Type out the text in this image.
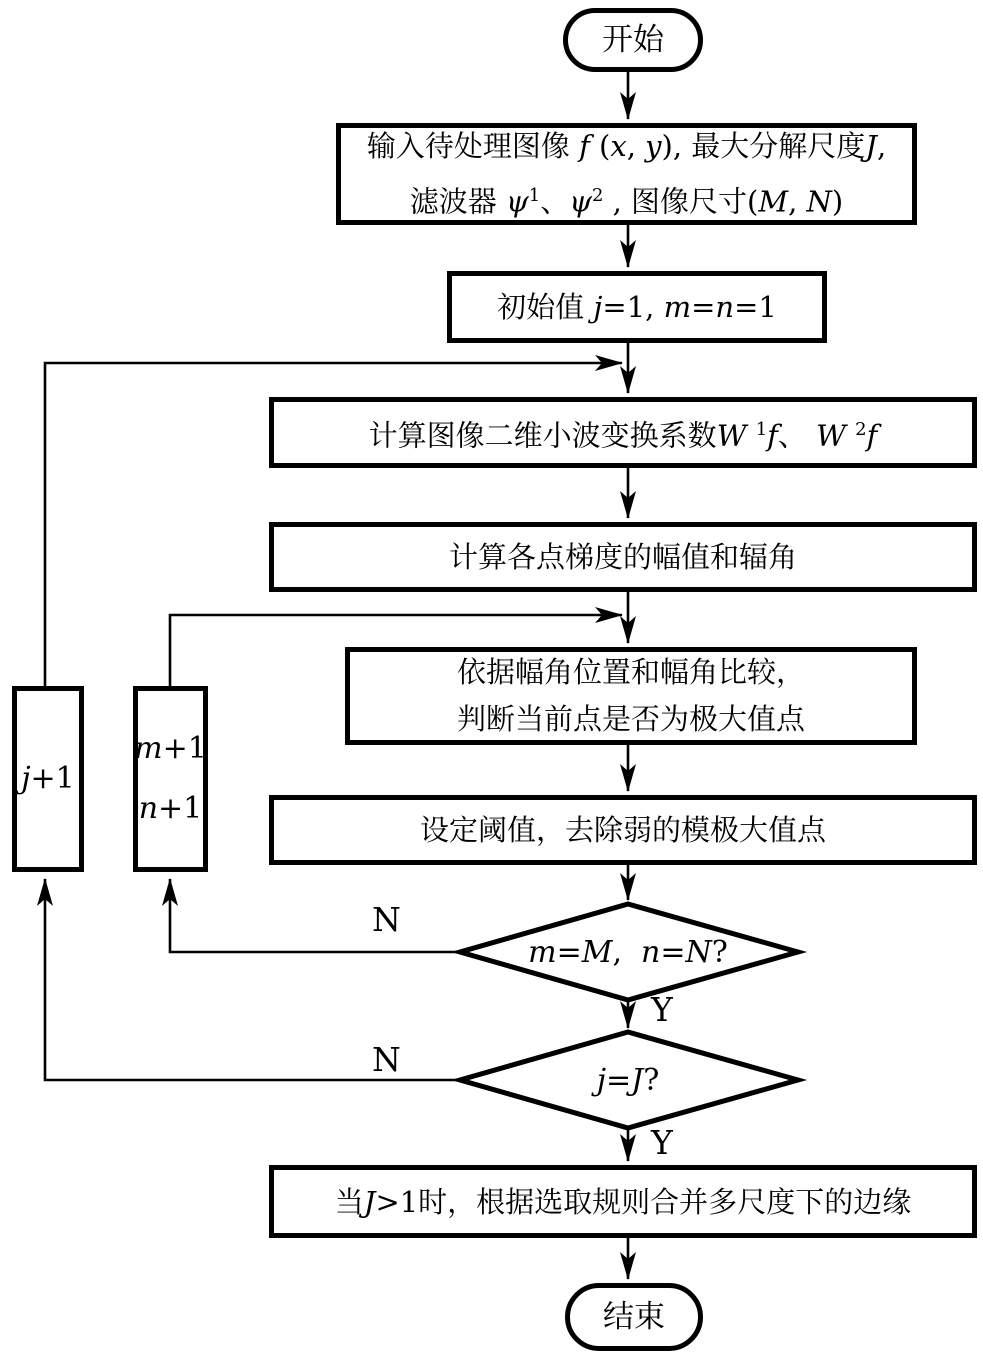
开始
输入待处理图像 f (x, y), 最大分解尺度J,
滤波器 $\psi^1$、$\psi^2$ , 图像尺寸(M, N)
初始值 j=1, m=n=1
计算图像二维小波变换系数W $^1$f、 W $^2$f
计算各点梯度的幅值和辐角
依据幅角位置和幅角比较，
判断当前点是否为极大值点
设定阈值，去除弱的模极大值点
j+1
m+1
n+1
m = M , n = N ?
j = J ?
N
Y
N
Y
当J>1时，根据选取规则合并多尺度下的边缘
结束
